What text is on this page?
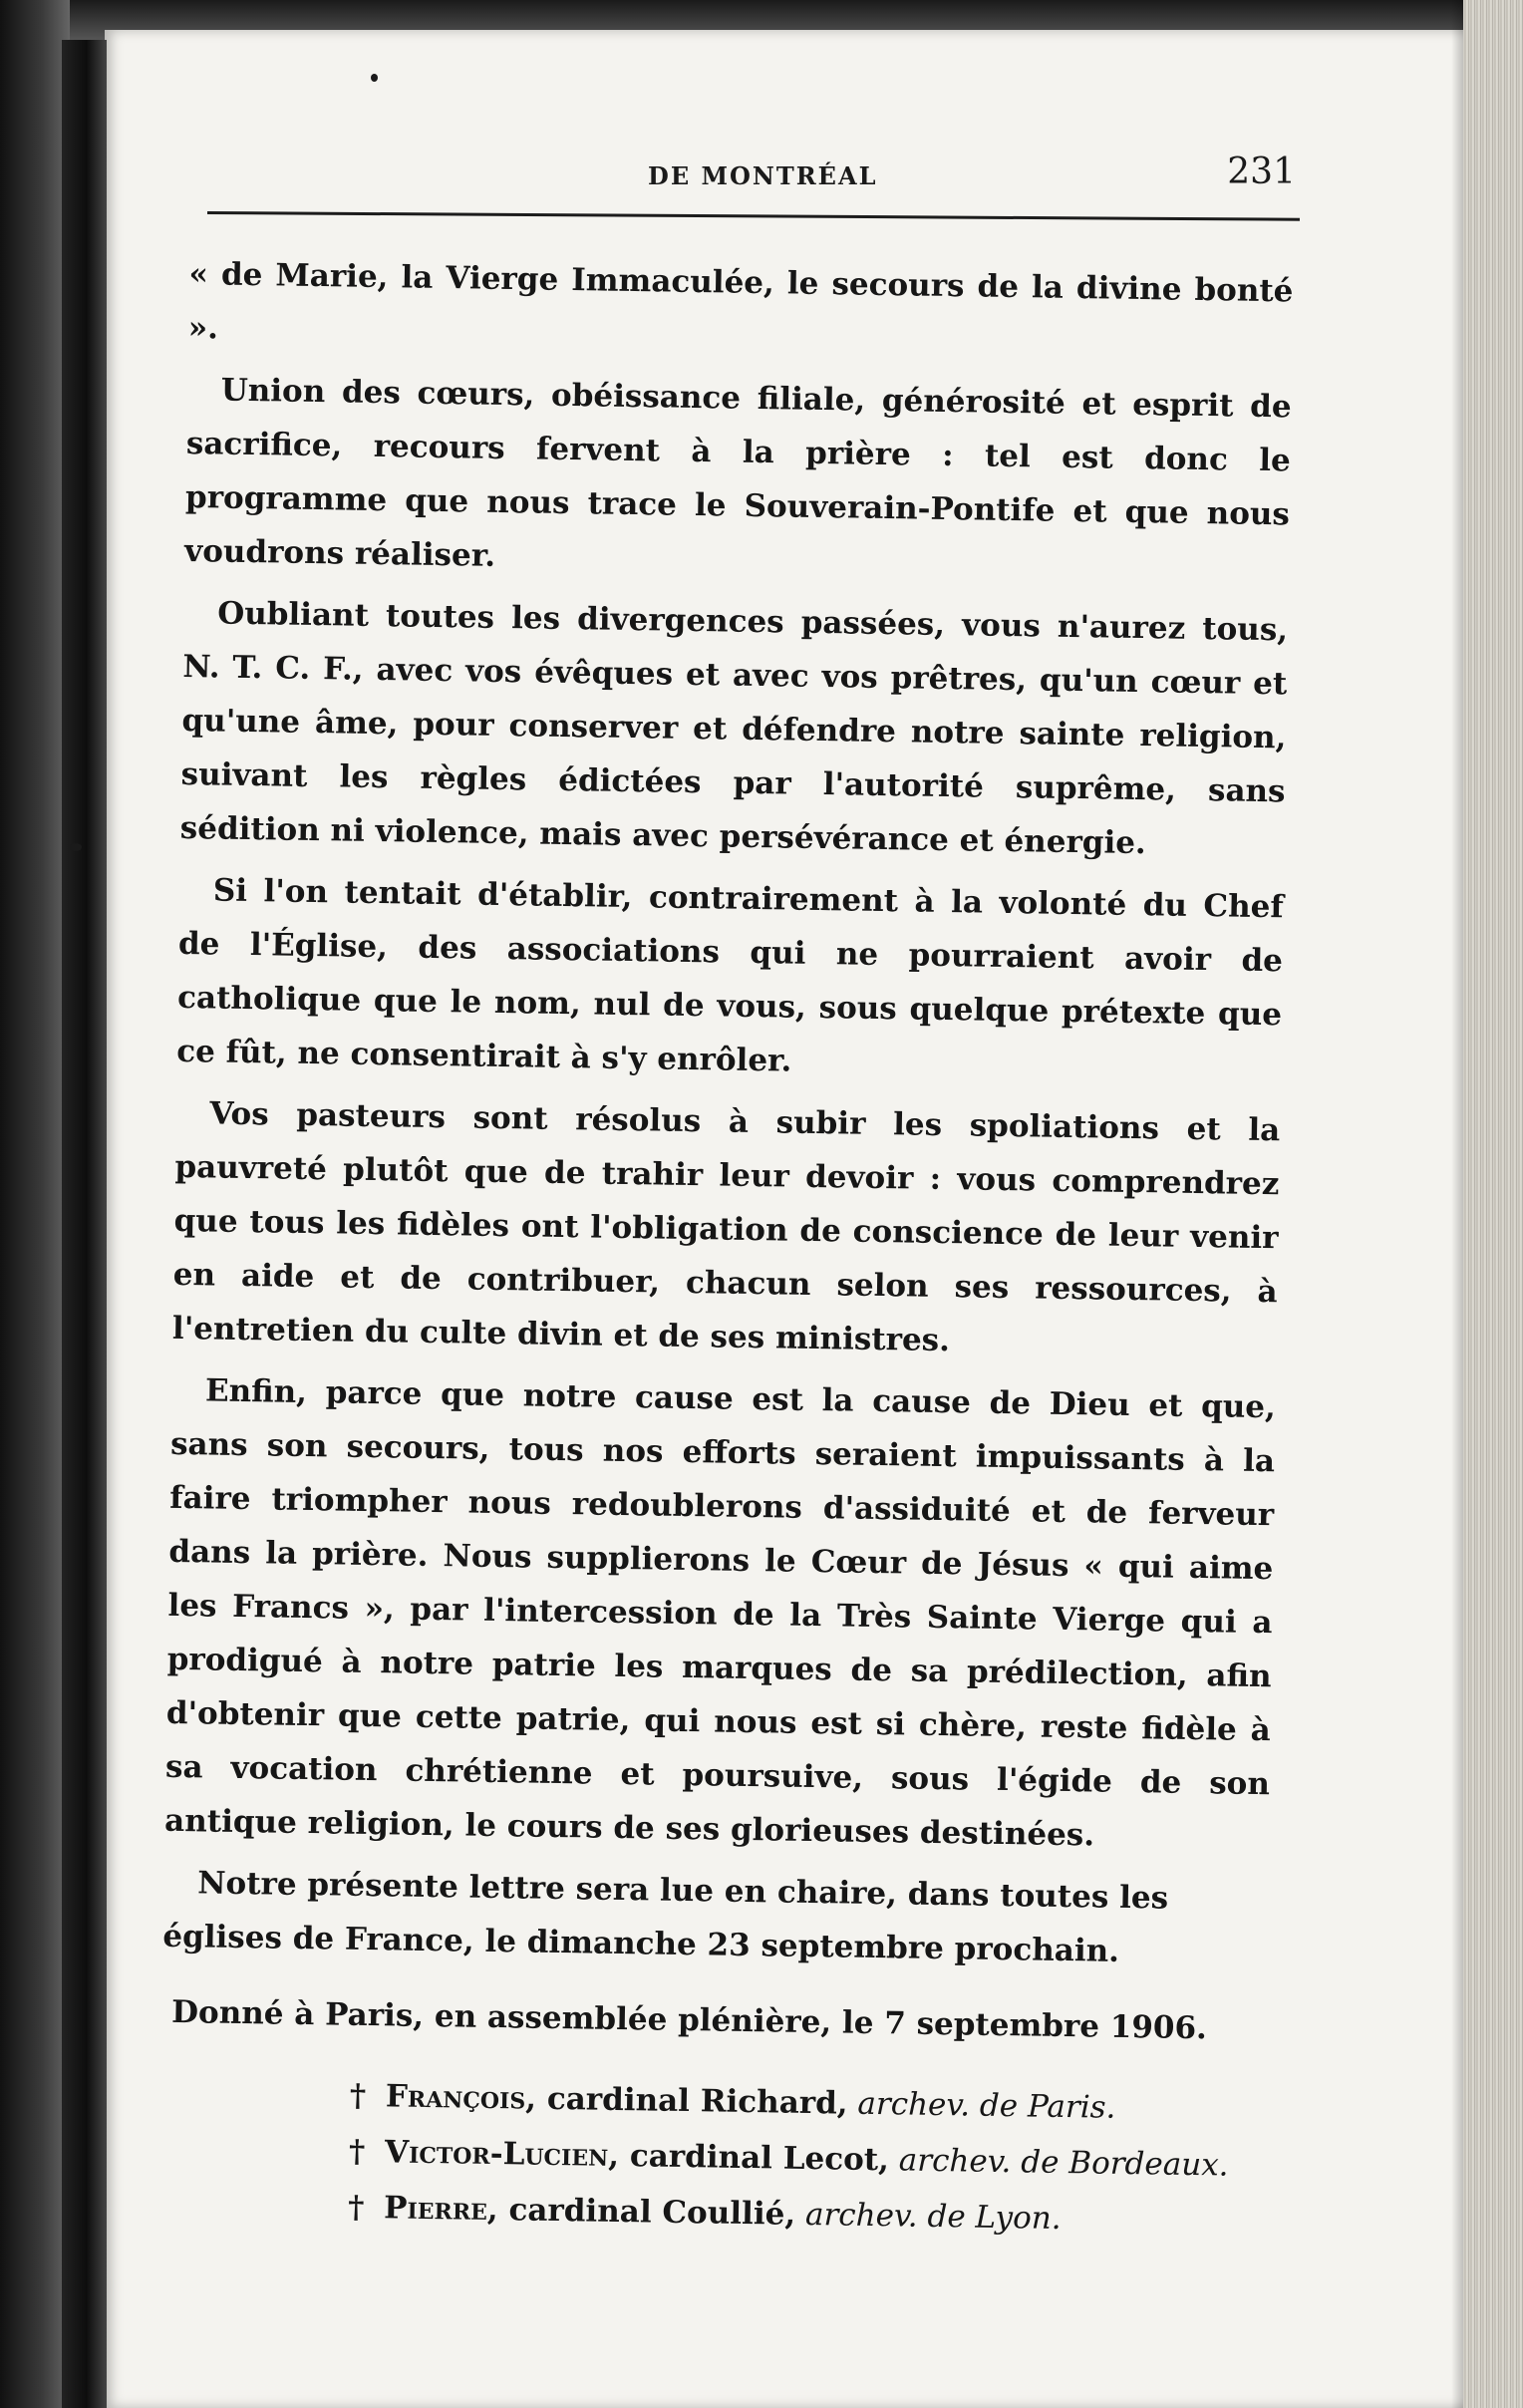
DE MONTRÉAL	231

« de Marie, la Vierge Immaculée, le secours de la divine bonté ».

Union des cœurs, obéissance filiale, générosité et esprit de sacrifice, recours fervent à la prière : tel est donc le programme que nous trace le Souverain-Pontife et que nous voudrons réaliser.

Oubliant toutes les divergences passées, vous n'aurez tous, N. T. C. F., avec vos évêques et avec vos prêtres, qu'un cœur et qu'une âme, pour conserver et défendre notre sainte religion, suivant les règles édictées par l'autorité suprême, sans sédition ni violence, mais avec persévérance et énergie.

Si l'on tentait d'établir, contrairement à la volonté du Chef de l'Église, des associations qui ne pourraient avoir de catholique que le nom, nul de vous, sous quelque prétexte que ce fût, ne consentirait à s'y enrôler.

Vos pasteurs sont résolus à subir les spoliations et la pauvreté plutôt que de trahir leur devoir : vous comprendrez que tous les fidèles ont l'obligation de conscience de leur venir en aide et de contribuer, chacun selon ses ressources, à l'entretien du culte divin et de ses ministres.

Enfin, parce que notre cause est la cause de Dieu et que, sans son secours, tous nos efforts seraient impuissants à la faire triompher nous redoublerons d'assiduité et de ferveur dans la prière. Nous supplierons le Cœur de Jésus « qui aime les Francs », par l'intercession de la Très Sainte Vierge qui a prodigué à notre patrie les marques de sa prédilection, afin d'obtenir que cette patrie, qui nous est si chère, reste fidèle à sa vocation chrétienne et poursuive, sous l'égide de son antique religion, le cours de ses glorieuses destinées.

Notre présente lettre sera lue en chaire, dans toutes les églises de France, le dimanche 23 septembre prochain.

Donné à Paris, en assemblée plénière, le 7 septembre 1906.

† François, cardinal Richard, archev. de Paris.
† Victor-Lucien, cardinal Lecot, archev. de Bordeaux.
† Pierre, cardinal Coullié, archev. de Lyon.
